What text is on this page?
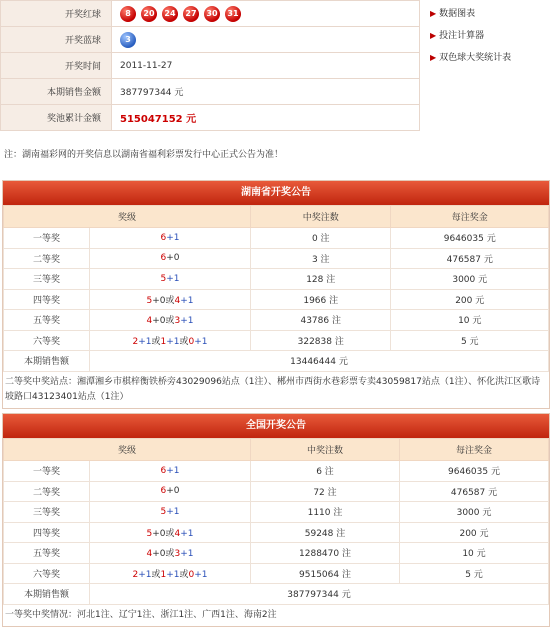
开奖红球	8 20 24 27 30 31
开奖蓝球	3
开奖时间	2011-11-27
本期销售金额	387797344 元
奖池累计金额	515047152 元
▶ 数据图表
▶ 投注计算器
▶ 双色球大奖统计表
注：湖南福彩网的开奖信息以湖南省福利彩票发行中心正式公告为准！
湖南省开奖公告
奖级		中奖注数	每注奖金
一等奖	6+1	0 注	9646035 元
二等奖	6+0	3 注	476587 元
三等奖	5+1	128 注	3000 元
四等奖	5+0或4+1	1966 注	200 元
五等奖	4+0或3+1	43786 注	10 元
六等奖	2+1或1+1或0+1	322838 注	5 元
本期销售额	13446444 元		
二等奖中奖站点：湘潭湘乡市棋梓衡铁桥旁43029096站点（1注）、郴州市西街水巷彩票专卖43059817站点（1注）、怀化洪江区歌诗坡路口43123401站点（1注）
全国开奖公告
奖级		中奖注数	每注奖金
一等奖	6+1	6 注	9646035 元
二等奖	6+0	72 注	476587 元
三等奖	5+1	1110 注	3000 元
四等奖	5+0或4+1	59248 注	200 元
五等奖	4+0或3+1	1288470 注	10 元
六等奖	2+1或1+1或0+1	9515064 注	5 元
本期销售额	387797344 元		
一等奖中奖情况：河北1注、辽宁1注、浙江1注、广西1注、海南2注
